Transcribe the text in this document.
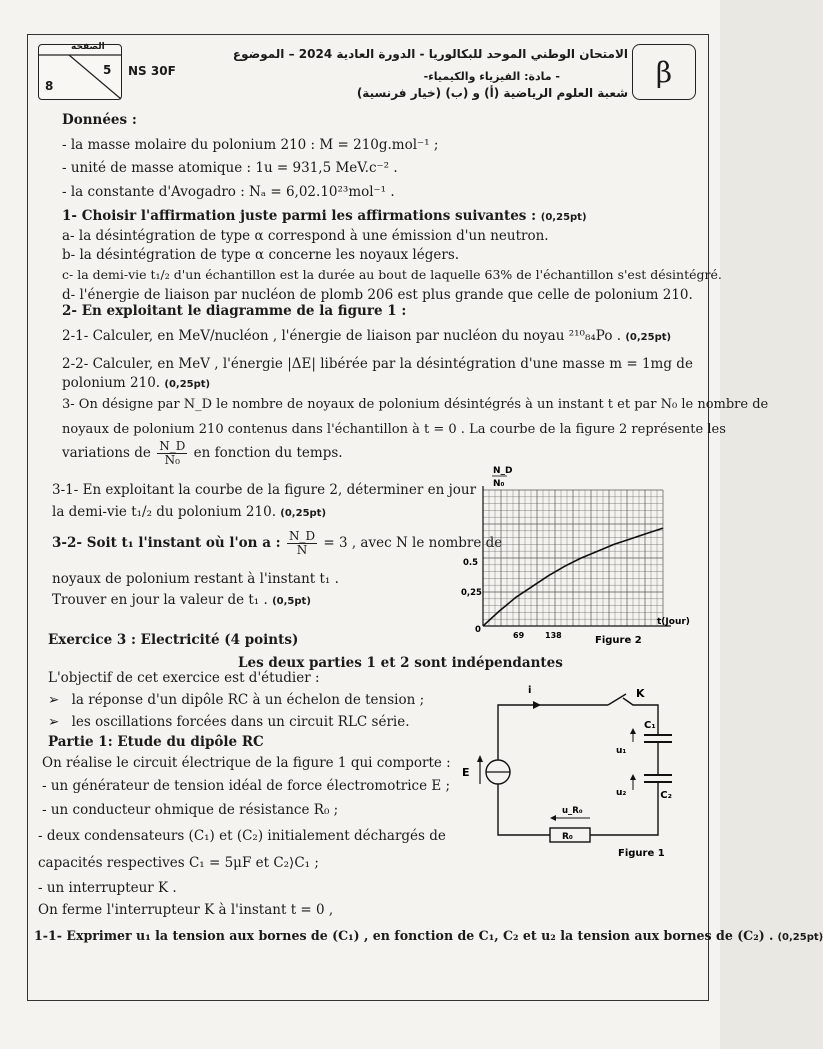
الصفحة
5
8
NS 30F
الامتحان الوطني الموحد للبكالوريا - الدورة العادية 2024 – الموضوع
- مادة: الفيزياء والكيمياء-
شعبة العلوم الرياضية (أ) و (ب) (خيار فرنسية)
β
Données :
- la masse molaire du polonium 210 : M = 210g.mol⁻¹ ;
- unité de masse atomique : 1u = 931,5 MeV.c⁻² .
- la constante d'Avogadro : Nₐ = 6,02.10²³mol⁻¹ .
1- Choisir l'affirmation juste parmi les affirmations suivantes : (0,25pt)
a- la désintégration de type α correspond à une émission d'un neutron.
b- la désintégration de type α concerne les noyaux légers.
c- la demi-vie t₁/₂ d'un échantillon est la durée au bout de laquelle 63% de l'échantillon s'est désintégré.
d- l'énergie de liaison par nucléon de plomb 206 est plus grande que celle de polonium 210.
2- En exploitant le diagramme de la figure 1 :
2-1- Calculer, en MeV/nucléon , l'énergie de liaison par nucléon du noyau ²¹⁰₈₄Po . (0,25pt)
2-2- Calculer, en MeV , l'énergie |ΔE| libérée par la désintégration d'une masse m = 1mg de
polonium 210. (0,25pt)
3- On désigne par N_D le nombre de noyaux de polonium désintégrés à un instant t et par N₀ le nombre de
noyaux de polonium 210 contenus dans l'échantillon à t = 0 . La courbe de la figure 2 représente les
variations de $\frac{N\_D}{\text{N₀}}$ en fonction du temps.
3-1- En exploitant la courbe de la figure 2, déterminer en jour
la demi-vie t₁/₂ du polonium 210. (0,25pt)
3-2- Soit t₁ l'instant où l'on a : $\frac{N\_D}{N} = 3$ , avec N le nombre de
noyaux de polonium restant à l'instant t₁ .
Trouver en jour la valeur de t₁ . (0,5pt)
N_D
N₀
0.5
0,25
0
69	138
t(Jour)
Figure 2
Exercice 3 : Electricité (4 points)
Les deux parties 1 et 2 sont indépendantes
L'objectif de cet exercice est d'étudier :
➢ la réponse d'un dipôle RC à un échelon de tension ;
➢ les oscillations forcées dans un circuit RLC série.
Partie 1: Etude du dipôle RC
On réalise le circuit électrique de la figure 1 qui comporte :
- un générateur de tension idéal de force électromotrice E ;
- un conducteur ohmique de résistance R₀ ;
- deux condensateurs (C₁) et (C₂) initialement déchargés de
capacités respectives C₁ = 5μF et C₂⟩C₁ ;
- un interrupteur K .
On ferme l'interrupteur K à l'instant t = 0 ,
1-1- Exprimer u₁ la tension aux bornes de (C₁) , en fonction de C₁, C₂ et u₂ la tension aux bornes de (C₂) . (0,25pt)
i	K
E
u₁
C₁
u₂	C₂
R₀
u_R₀
Figure 1
